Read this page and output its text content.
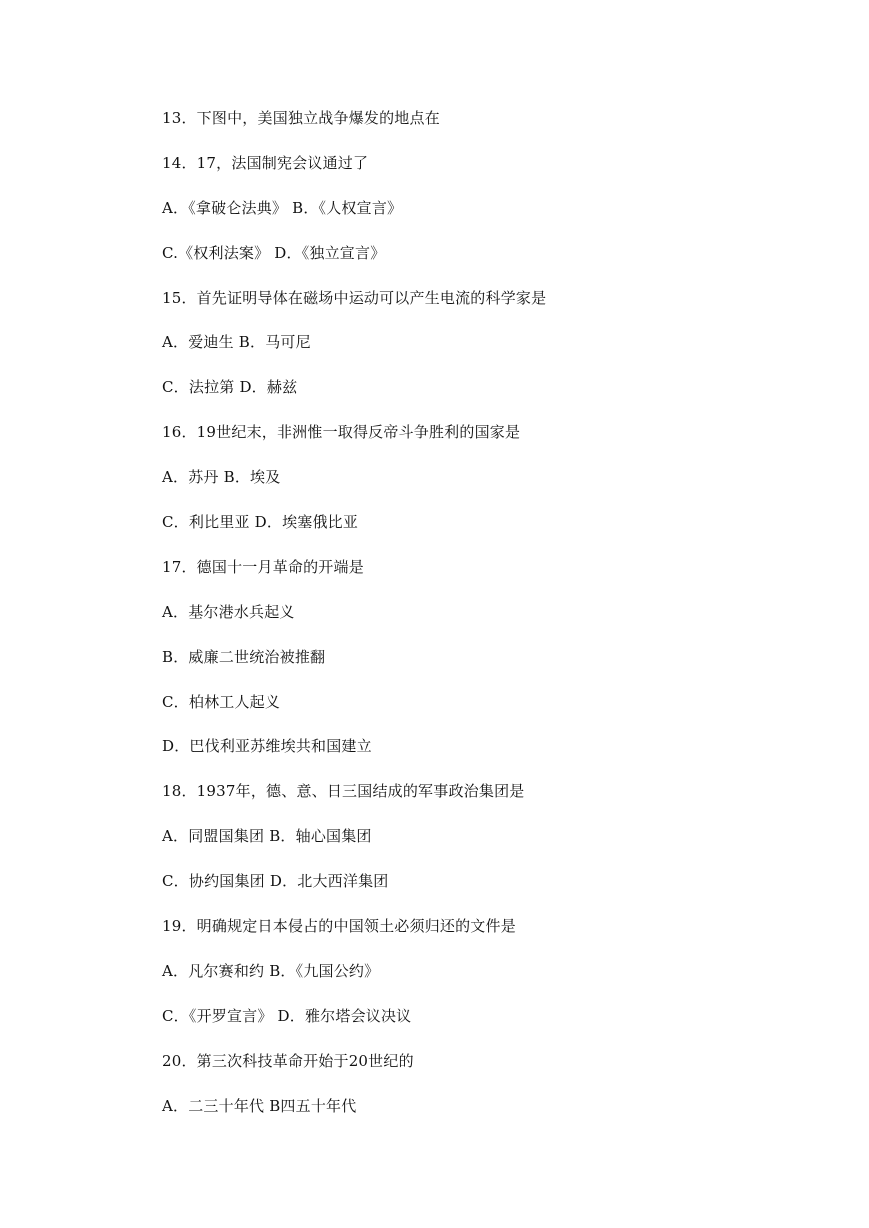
13．下图中，美国独立战争爆发的地点在
14．17，法国制宪会议通过了
A．《拿破仑法典》 B．《人权宣言》
C.《权利法案》 D．《独立宣言》
15．首先证明导体在磁场中运动可以产生电流的科学家是
A．爱迪生 B．马可尼
C．法拉第 D．赫兹
16．19世纪末，非洲惟一取得反帝斗争胜利的国家是
A．苏丹 B．埃及
C．利比里亚 D．埃塞俄比亚
17．德国十一月革命的开端是
A．基尔港水兵起义
B．威廉二世统治被推翻
C．柏林工人起义
D．巴伐利亚苏维埃共和国建立
18．1937年，德、意、日三国结成的军事政治集团是
A．同盟国集团 B．轴心国集团
C．协约国集团 D．北大西洋集团
19．明确规定日本侵占的中国领土必须归还的文件是
A．凡尔赛和约 B．《九国公约》
C．《开罗宣言》 D．雅尔塔会议决议
20．第三次科技革命开始于20世纪的
A．二三十年代 B四五十年代
